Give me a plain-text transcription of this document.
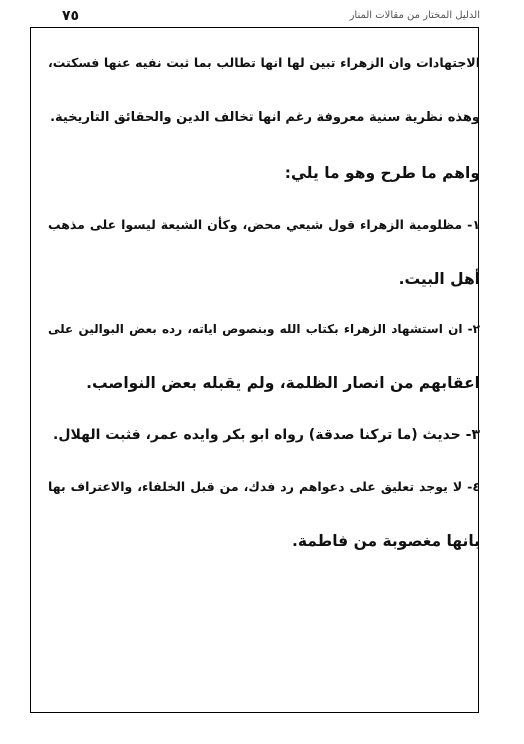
٧٥	الدليل المختار من مقالات المنار
الاجتهادات وان الزهراء تبين لها انها تطالب بما ثبت نفيه عنها فسكتت،
وهذه نظرية سنية معروفة رغم انها تخالف الدين والحقائق التاريخية.
واهم ما طرح وهو ما يلي:
١- مظلومية الزهراء قول شيعي محض، وكأن الشيعة ليسوا على مذهب
أهل البيت.
٢- ان استشهاد الزهراء بكتاب الله وبنصوص اياته، رده بعض البوالين على
اعقابهم من انصار الظلمة، ولم يقبله بعض النواصب.
٣- حديث (ما تركنا صدقة) رواه ابو بكر وايده عمر، فثبت الهلال.
٤- لا يوجد تعليق على دعواهم رد فدك، من قبل الخلفاء، والاعتراف بها
بانها مغصوبة من فاطمة.
